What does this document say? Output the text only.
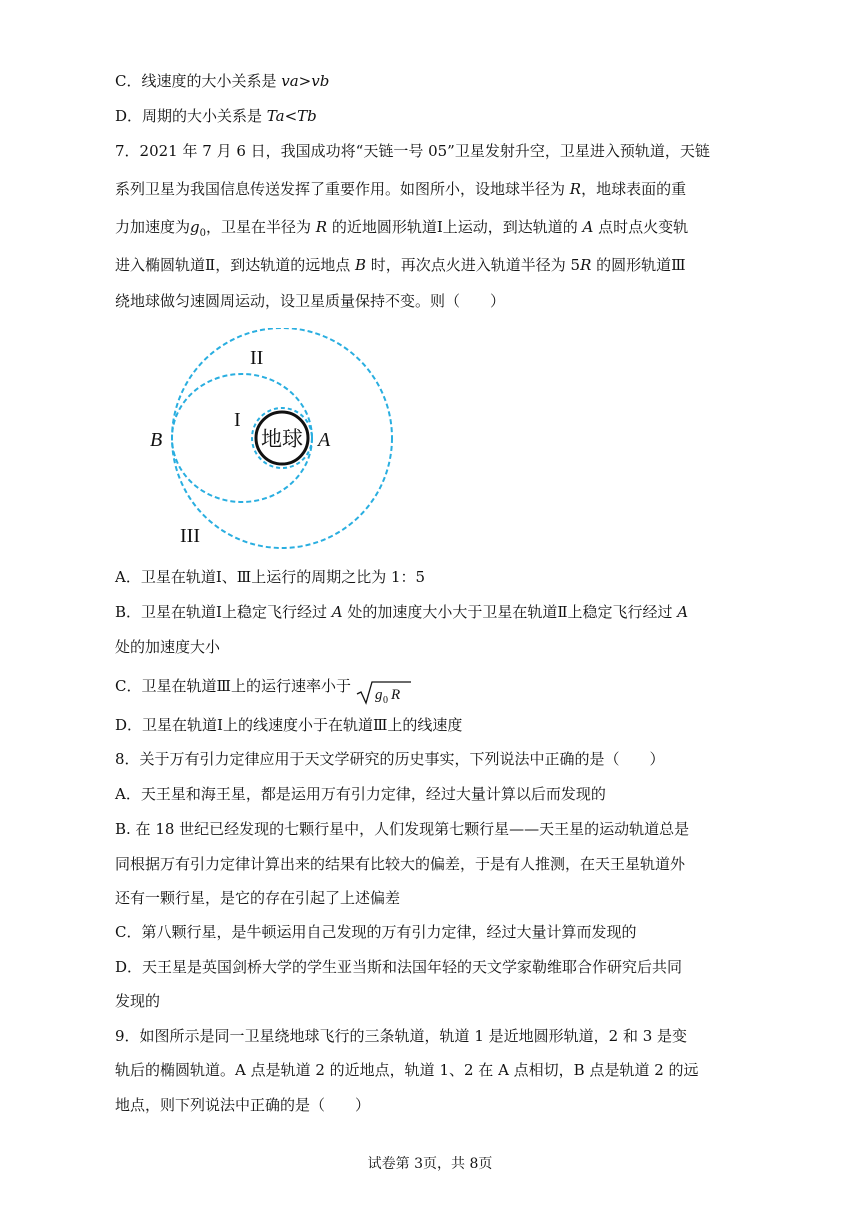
C．线速度的大小关系是 va>vb
D．周期的大小关系是 Ta<Tb
7．2021 年 7 月 6 日，我国成功将“天链一号 05”卫星发射升空，卫星进入预轨道，天链
系列卫星为我国信息传送发挥了重要作用。如图所小，设地球半径为 R，地球表面的重
力加速度为$g_0$，卫星在半径为 R 的近地圆形轨道Ⅰ上运动，到达轨道的 A 点时点火变轨
进入椭圆轨道Ⅱ，到达轨道的远地点 B 时，再次点火进入轨道半径为 5R 的圆形轨道Ⅲ
绕地球做匀速圆周运动，设卫星质量保持不变。则（　　）
地球
II
I
B	A
III
A．卫星在轨道Ⅰ、Ⅲ上运行的周期之比为 1：5
B．卫星在轨道Ⅰ上稳定飞行经过 A 处的加速度大小大于卫星在轨道Ⅱ上稳定飞行经过 A
处的加速度大小
C．卫星在轨道Ⅲ上的运行速率小于 g 0 R
D．卫星在轨道Ⅰ上的线速度小于在轨道Ⅲ上的线速度
8．关于万有引力定律应用于天文学研究的历史事实，下列说法中正确的是（　　）
A．天王星和海王星，都是运用万有引力定律，经过大量计算以后而发现的
B. 在 18 世纪已经发现的七颗行星中，人们发现第七颗行星——天王星的运动轨道总是
同根据万有引力定律计算出来的结果有比较大的偏差，于是有人推测，在天王星轨道外
还有一颗行星，是它的存在引起了上述偏差
C．第八颗行星，是牛顿运用自己发现的万有引力定律，经过大量计算而发现的
D．天王星是英国剑桥大学的学生亚当斯和法国年轻的天文学家勒维耶合作研究后共同
发现的
9．如图所示是同一卫星绕地球飞行的三条轨道，轨道 1 是近地圆形轨道，2 和 3 是变
轨后的椭圆轨道。A 点是轨道 2 的近地点，轨道 1、2 在 A 点相切，B 点是轨道 2 的远
地点，则下列说法中正确的是（　　）
试卷第 3页，共 8页
